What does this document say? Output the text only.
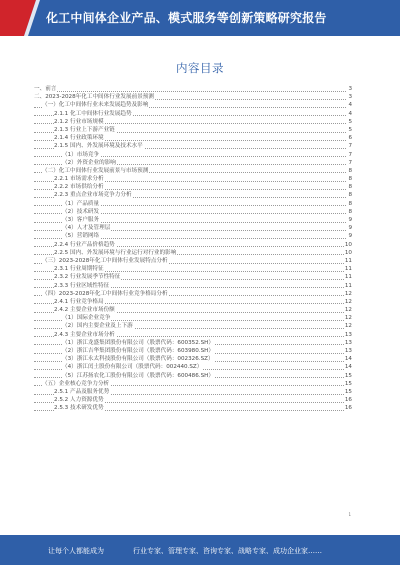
化工中间体企业产品、模式服务等创新策略研究报告
内容目录
一、前言	3
二、2023-2028年化工中间体行业发展前景预测	3
（一）化工中间体行业未来发展趋势及影响	4
2.1.1 化工中间体行业发展趋势	4
2.1.2 行业市场规模	5
2.1.3 行业上下游产业链	5
2.1.4 行业政策环境	6
2.1.5 国内、外发展环境及技术水平	7
（1）市场竞争	7
（2）外资企业的影响	7
（二）化工中间体行业发展前景与市场预测	8
2.2.1 市场需求分析	8
2.2.2 市场供给分析	8
2.2.3 重点企业市场竞争力分析	8
（1）产品质量	8
（2）技术研发	8
（3）客户服务	9
（4）人才及管理层	9
（5）营销网络	9
2.2.4 行业产品价格趋势	10
2.2.5 国内、外发展环境与行业运行对行业的影响	10
（三）2023-2028年化工中间体行业发展特点分析	11
2.3.1 行业周期特征	11
2.3.2 行业发展季节性特征	11
2.3.3 行业区域性特征	11
（四）2023-2028年化工中间体行业竞争格局分析	12
2.4.1 行业竞争格局	12
2.4.2 主要企业市场份额	12
（1）国际企业竞争	12
（2）国内主要企业及上下游	12
2.4.3 主要企业市场分析	13
（1）浙江龙盛集团股份有限公司（股票代码：600352.SH）	13
（2）浙江吉华集团股份有限公司（股票代码：603980.SH）	13
（3）浙江永太科技股份有限公司（股票代码：002326.SZ）	14
（4）浙江闰土股份有限公司（股票代码：002440.SZ）	14
（5）江苏扬农化工股份有限公司（股票代码：600486.SH）	15
（五）企业核心竞争力分析	15
2.5.1 产品及服务优势	15
2.5.2 人力资源优势	16
2.5.3 技术研发优势	16
1
让每个人都能成为	行业专家、管理专家、咨询专家、战略专家、成功企业家……
